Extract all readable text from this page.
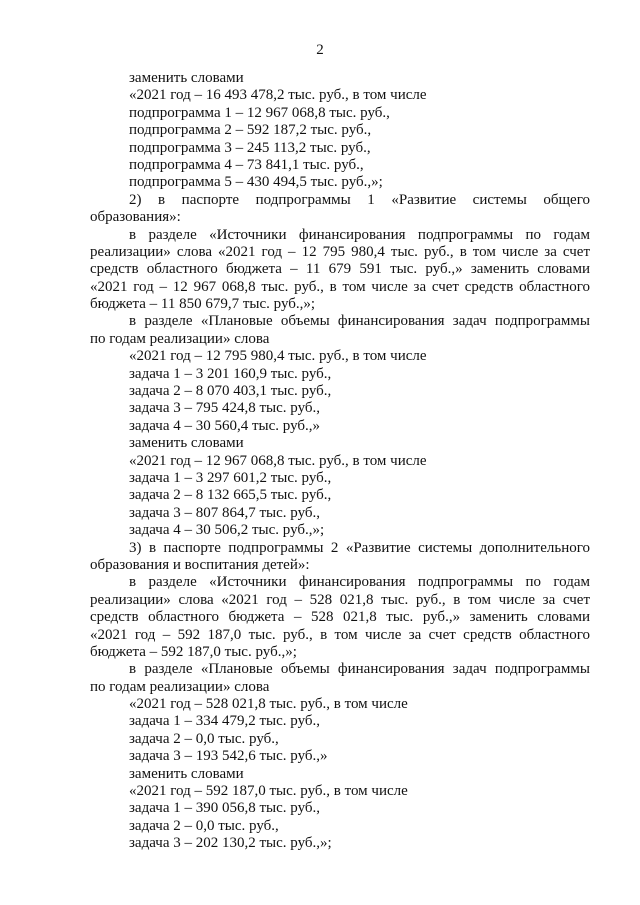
2
заменить словами
«2021 год – 16 493 478,2 тыс. руб., в том числе
подпрограмма 1 – 12 967 068,8 тыс. руб.,
подпрограмма 2 – 592 187,2 тыс. руб.,
подпрограмма 3 – 245 113,2 тыс. руб.,
подпрограмма 4 – 73 841,1 тыс. руб.,
подпрограмма 5 – 430 494,5 тыс. руб.,»;
2) в паспорте подпрограммы 1 «Развитие системы общего
образования»:
в разделе «Источники финансирования подпрограммы по годам
реализации» слова «2021 год – 12 795 980,4 тыс. руб., в том числе за счет
средств областного бюджета – 11 679 591 тыс. руб.,» заменить словами
«2021 год – 12 967 068,8 тыс. руб., в том числе за счет средств областного
бюджета – 11 850 679,7 тыс. руб.,»;
в разделе «Плановые объемы финансирования задач подпрограммы
по годам реализации» слова
«2021 год – 12 795 980,4 тыс. руб., в том числе
задача 1 – 3 201 160,9 тыс. руб.,
задача 2 – 8 070 403,1 тыс. руб.,
задача 3 – 795 424,8 тыс. руб.,
задача 4 – 30 560,4 тыс. руб.,»
заменить словами
«2021 год – 12 967 068,8 тыс. руб., в том числе
задача 1 – 3 297 601,2 тыс. руб.,
задача 2 – 8 132 665,5 тыс. руб.,
задача 3 – 807 864,7 тыс. руб.,
задача 4 – 30 506,2 тыс. руб.,»;
3) в паспорте подпрограммы 2 «Развитие системы дополнительного
образования и воспитания детей»:
в разделе «Источники финансирования подпрограммы по годам
реализации» слова «2021 год – 528 021,8 тыс. руб., в том числе за счет
средств областного бюджета – 528 021,8 тыс. руб.,» заменить словами
«2021 год – 592 187,0 тыс. руб., в том числе за счет средств областного
бюджета – 592 187,0 тыс. руб.,»;
в разделе «Плановые объемы финансирования задач подпрограммы
по годам реализации» слова
«2021 год – 528 021,8 тыс. руб., в том числе
задача 1 – 334 479,2 тыс. руб.,
задача 2 – 0,0 тыс. руб.,
задача 3 – 193 542,6 тыс. руб.,»
заменить словами
«2021 год – 592 187,0 тыс. руб., в том числе
задача 1 – 390 056,8 тыс. руб.,
задача 2 – 0,0 тыс. руб.,
задача 3 – 202 130,2 тыс. руб.,»;
